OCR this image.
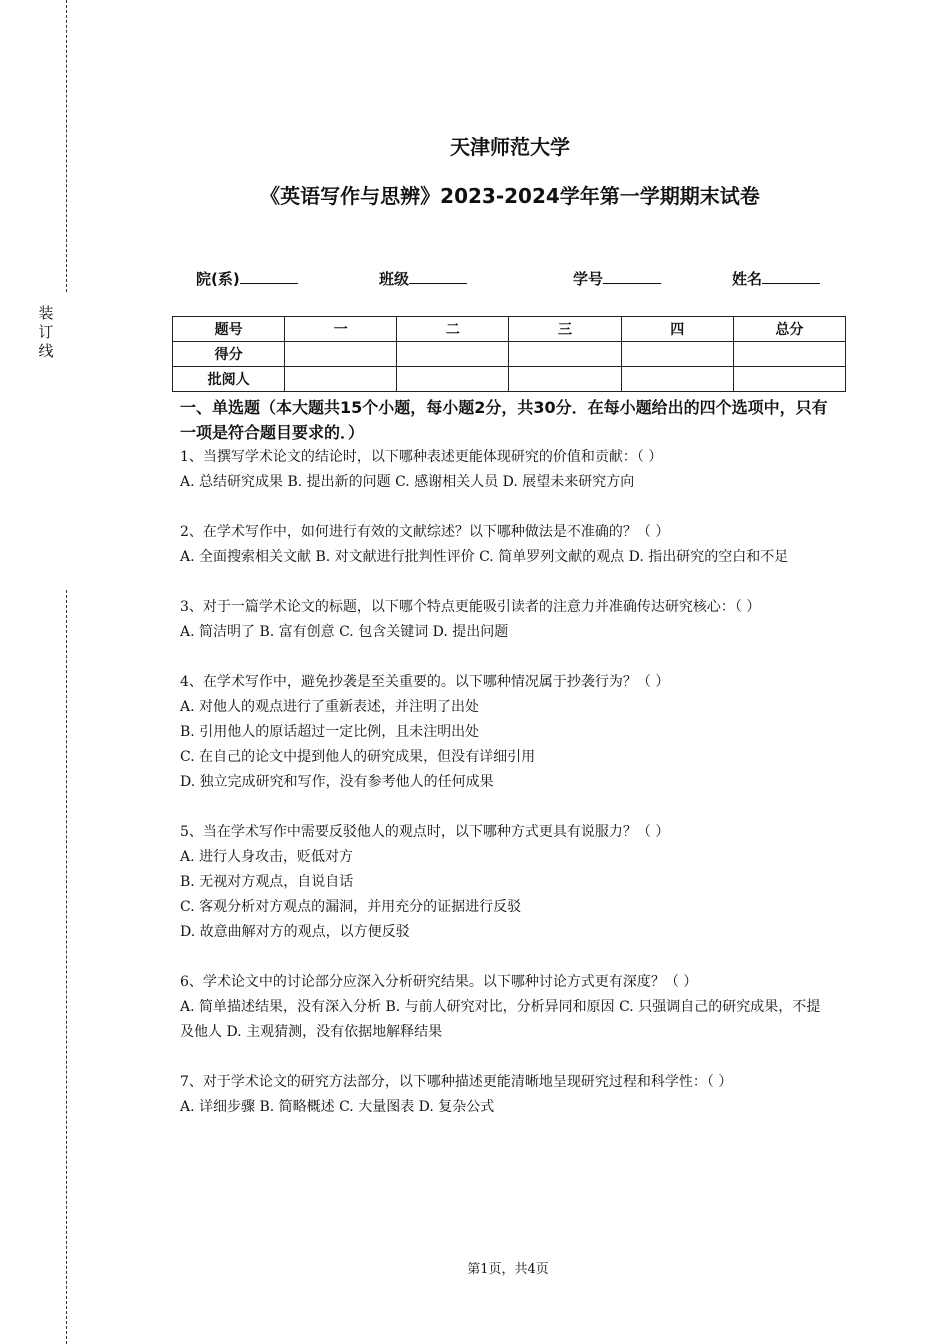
装
订
线
天津师范大学
《英语写作与思辨》2023-2024学年第一学期期末试卷
院(系)	班级	学号	姓名
题号	一	二	三	四	总分
得分					
批阅人					
一、单选题（本大题共15个小题，每小题2分，共30分．在每小题给出的四个选项中，只有一项是符合题目要求的．）

1、当撰写学术论文的结论时，以下哪种表述更能体现研究的价值和贡献：（ ）

A. 总结研究成果 B. 提出新的问题 C. 感谢相关人员 D. 展望未来研究方向

2、在学术写作中，如何进行有效的文献综述？以下哪种做法是不准确的？（ ）

A. 全面搜索相关文献 B. 对文献进行批判性评价 C. 简单罗列文献的观点 D. 指出研究的空白和不足

3、对于一篇学术论文的标题，以下哪个特点更能吸引读者的注意力并准确传达研究核心：（ ）

A. 简洁明了 B. 富有创意 C. 包含关键词 D. 提出问题

4、在学术写作中，避免抄袭是至关重要的。以下哪种情况属于抄袭行为？（ ）

A. 对他人的观点进行了重新表述，并注明了出处

B. 引用他人的原话超过一定比例，且未注明出处

C. 在自己的论文中提到他人的研究成果，但没有详细引用

D. 独立完成研究和写作，没有参考他人的任何成果

5、当在学术写作中需要反驳他人的观点时，以下哪种方式更具有说服力？（ ）

A. 进行人身攻击，贬低对方

B. 无视对方观点，自说自话

C. 客观分析对方观点的漏洞，并用充分的证据进行反驳

D. 故意曲解对方的观点，以方便反驳

6、学术论文中的讨论部分应深入分析研究结果。以下哪种讨论方式更有深度？（ ）

A. 简单描述结果，没有深入分析 B. 与前人研究对比，分析异同和原因 C. 只强调自己的研究成果，不提及他人 D. 主观猜测，没有依据地解释结果

7、对于学术论文的研究方法部分，以下哪种描述更能清晰地呈现研究过程和科学性：（ ）

A. 详细步骤 B. 简略概述 C. 大量图表 D. 复杂公式

第1页，共4页
